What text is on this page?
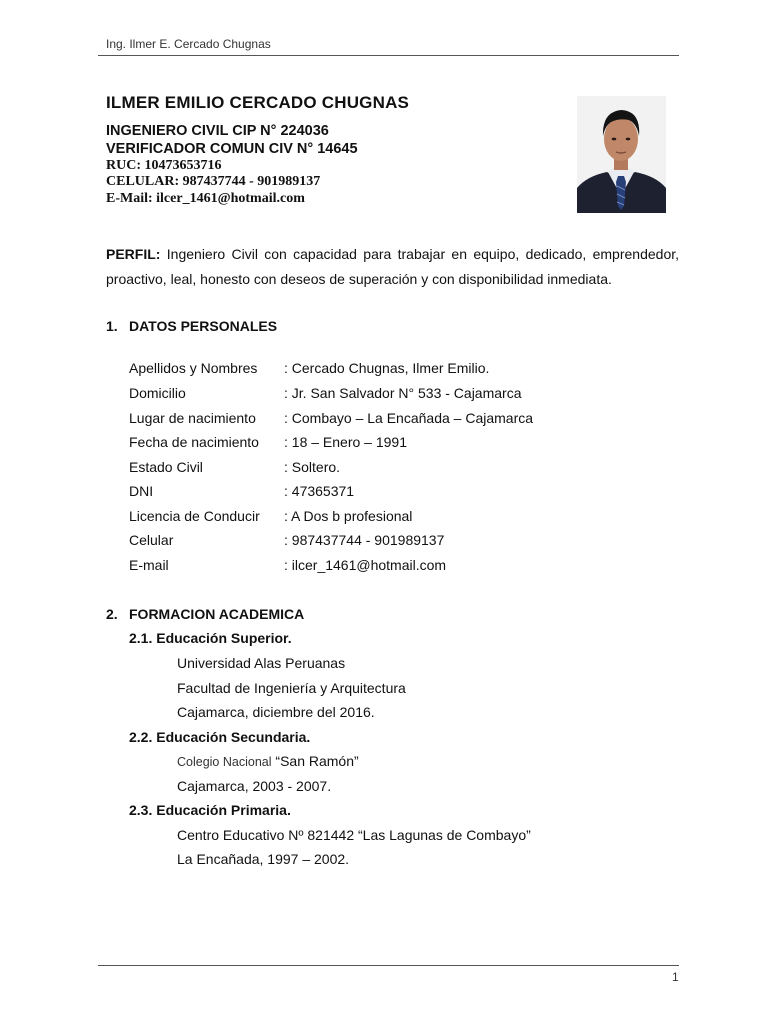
Ing. Ilmer E. Cercado Chugnas
ILMER EMILIO CERCADO CHUGNAS
INGENIERO CIVIL CIP N° 224036
VERIFICADOR COMUN CIV N° 14645
RUC: 10473653716
CELULAR: 987437744 - 901989137
E-Mail: ilcer_1461@hotmail.com
PERFIL: Ingeniero Civil con capacidad para trabajar en equipo, dedicado, emprendedor, proactivo, leal, honesto con deseos de superación y con disponibilidad inmediata.
1. DATOS PERSONALES
Apellidos y Nombres : Cercado Chugnas, Ilmer Emilio.
Domicilio	: Jr. San Salvador N° 533 - Cajamarca
Lugar de nacimiento : Combayo – La Encañada – Cajamarca
Fecha de nacimiento : 18 – Enero – 1991
Estado Civil	: Soltero.
DNI	: 47365371
Licencia de Conducir : A Dos b profesional
Celular	: 987437744 - 901989137
E-mail	: ilcer_1461@hotmail.com
2. FORMACION ACADEMICA
2.1. Educación Superior.
Universidad Alas Peruanas
Facultad de Ingeniería y Arquitectura
Cajamarca, diciembre del 2016.
2.2. Educación Secundaria.
Colegio Nacional “San Ramón”
Cajamarca, 2003 - 2007.
2.3. Educación Primaria.
Centro Educativo Nº 821442 “Las Lagunas de Combayo”
La Encañada, 1997 – 2002.
1
